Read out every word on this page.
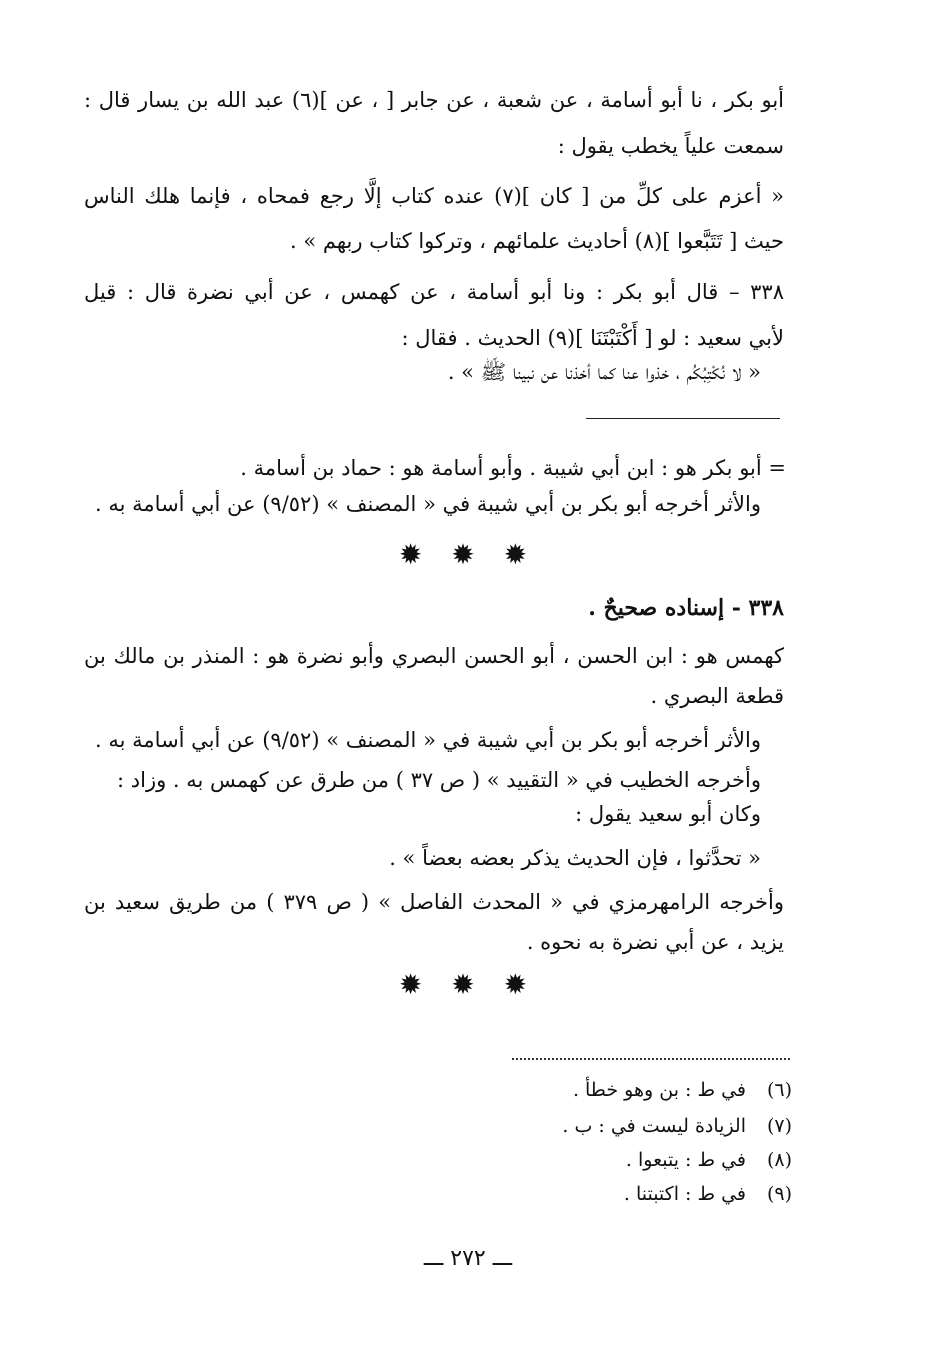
أبو بكر ، نا أبو أسامة ، عن شعبة ، عن جابر [ ، عن ](٦) عبد الله بن يسار قال :
سمعت علياً يخطب يقول :
« أعزم على كلِّ من [ كان ](٧) عنده كتاب إلَّا رجع فمحاه ، فإنما هلك الناس
حيث [ تَتَبَّعوا ](٨) أحاديث علمائهم ، وتركوا كتاب ربهم » .
٣٣٨ – قال أبو بكر : ونا أبو أسامة ، عن كهمس ، عن أبي نضرة قال : قيل
لأبي سعيد : لو [ أَكْتَبْتَنَا ](٩) الحديث . فقال :
« لا نُكْتِبُكُم ، خذوا عنا كما أخذنا عن نبينا ﷺ » .
= أبو بكر هو : ابن أبي شيبة . وأبو أسامة هو : حماد بن أسامة .
والأثر أخرجه أبو بكر بن أبي شيبة في « المصنف » (٩/٥٢) عن أبي أسامة به .
✹ ✹ ✹
٣٣٨ - إسناده صحيحٌ .
كهمس هو : ابن الحسن ، أبو الحسن البصري وأبو نضرة هو : المنذر بن مالك بن
قطعة البصري .
والأثر أخرجه أبو بكر بن أبي شيبة في « المصنف » (٩/٥٢) عن أبي أسامة به .
وأخرجه الخطيب في « التقييد » ( ص ٣٧ ) من طرق عن كهمس به . وزاد :
وكان أبو سعيد يقول :
« تحدَّثوا ، فإن الحديث يذكر بعضه بعضاً » .
وأخرجه الرامهرمزي في « المحدث الفاصل » ( ص ٣٧٩ ) من طريق سعيد بن
يزيد ، عن أبي نضرة به نحوه .
✹ ✹ ✹
(٦)
في ط : بن وهو خطأ .
(٧)
الزيادة ليست في : ب .
(٨)
في ط : يتبعوا .
(٩)
في ط : اكتبتنا .
ـــ ٢٧٢ ـــ
